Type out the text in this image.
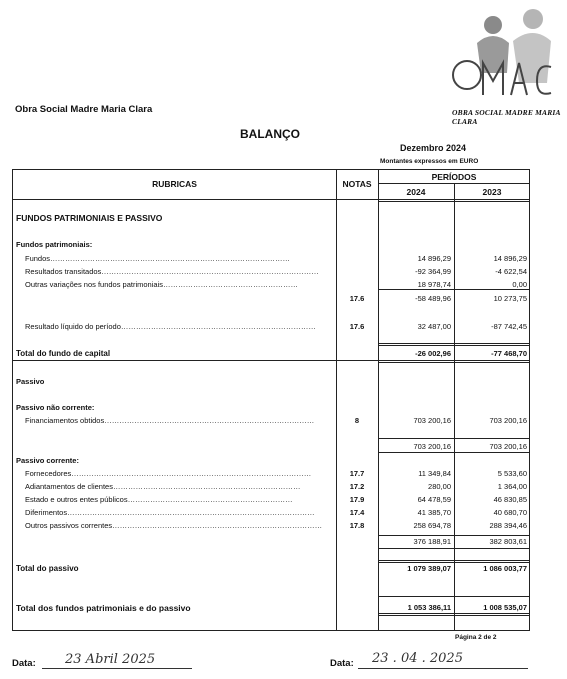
OBRA SOCIAL MADRE MARIA CLARA
Obra Social Madre Maria Clara
BALANÇO
Dezembro 2024
Montantes expressos em EURO
RUBRICAS	NOTAS
PERÍODOS
2024	2023
FUNDOS PATRIMONIAIS E PASSIVO
Fundos patrimoniais:
Fundos……………………………………………………………………………………	14 896,29	14 896,29
Resultados transitados……………………………………………………………………………	-92 364,99	-4 622,54
Outras variações nos fundos patrimoniais………………………………………………	18 978,74	0,00
17.6	-58 489,96	10 273,75
Resultado líquido do período……………………………………………………………………	17.6	32 487,00	-87 742,45
Total do fundo de capital	-26 002,96	-77 468,70
Passivo
Passivo não corrente:
Financiamentos obtidos…………………………………………………………………………	8	703 200,16	703 200,16
703 200,16	703 200,16
Passivo corrente:
Fornecedores……………………………………………………………………………………	17.7	11 349,84	5 533,60
Adiantamentos de clientes…………………………………………………………………	17.2	280,00	1 364,00
Estado e outros entes públicos…………………………………………………………	17.9	64 478,59	46 830,85
Diferimentos………………………………………………………………………………………	17.4	41 385,70	40 680,70
Outros passivos correntes…………………………………………………………………………	17.8	258 694,78	288 394,46
376 188,91	382 803,61
Total do passivo	1 079 389,07	1 086 003,77
Total dos fundos patrimoniais e do passivo	1 053 386,11	1 008 535,07
Página 2 de 2
Data: 23 Abril 2025	Data: 23 . 04 . 2025
